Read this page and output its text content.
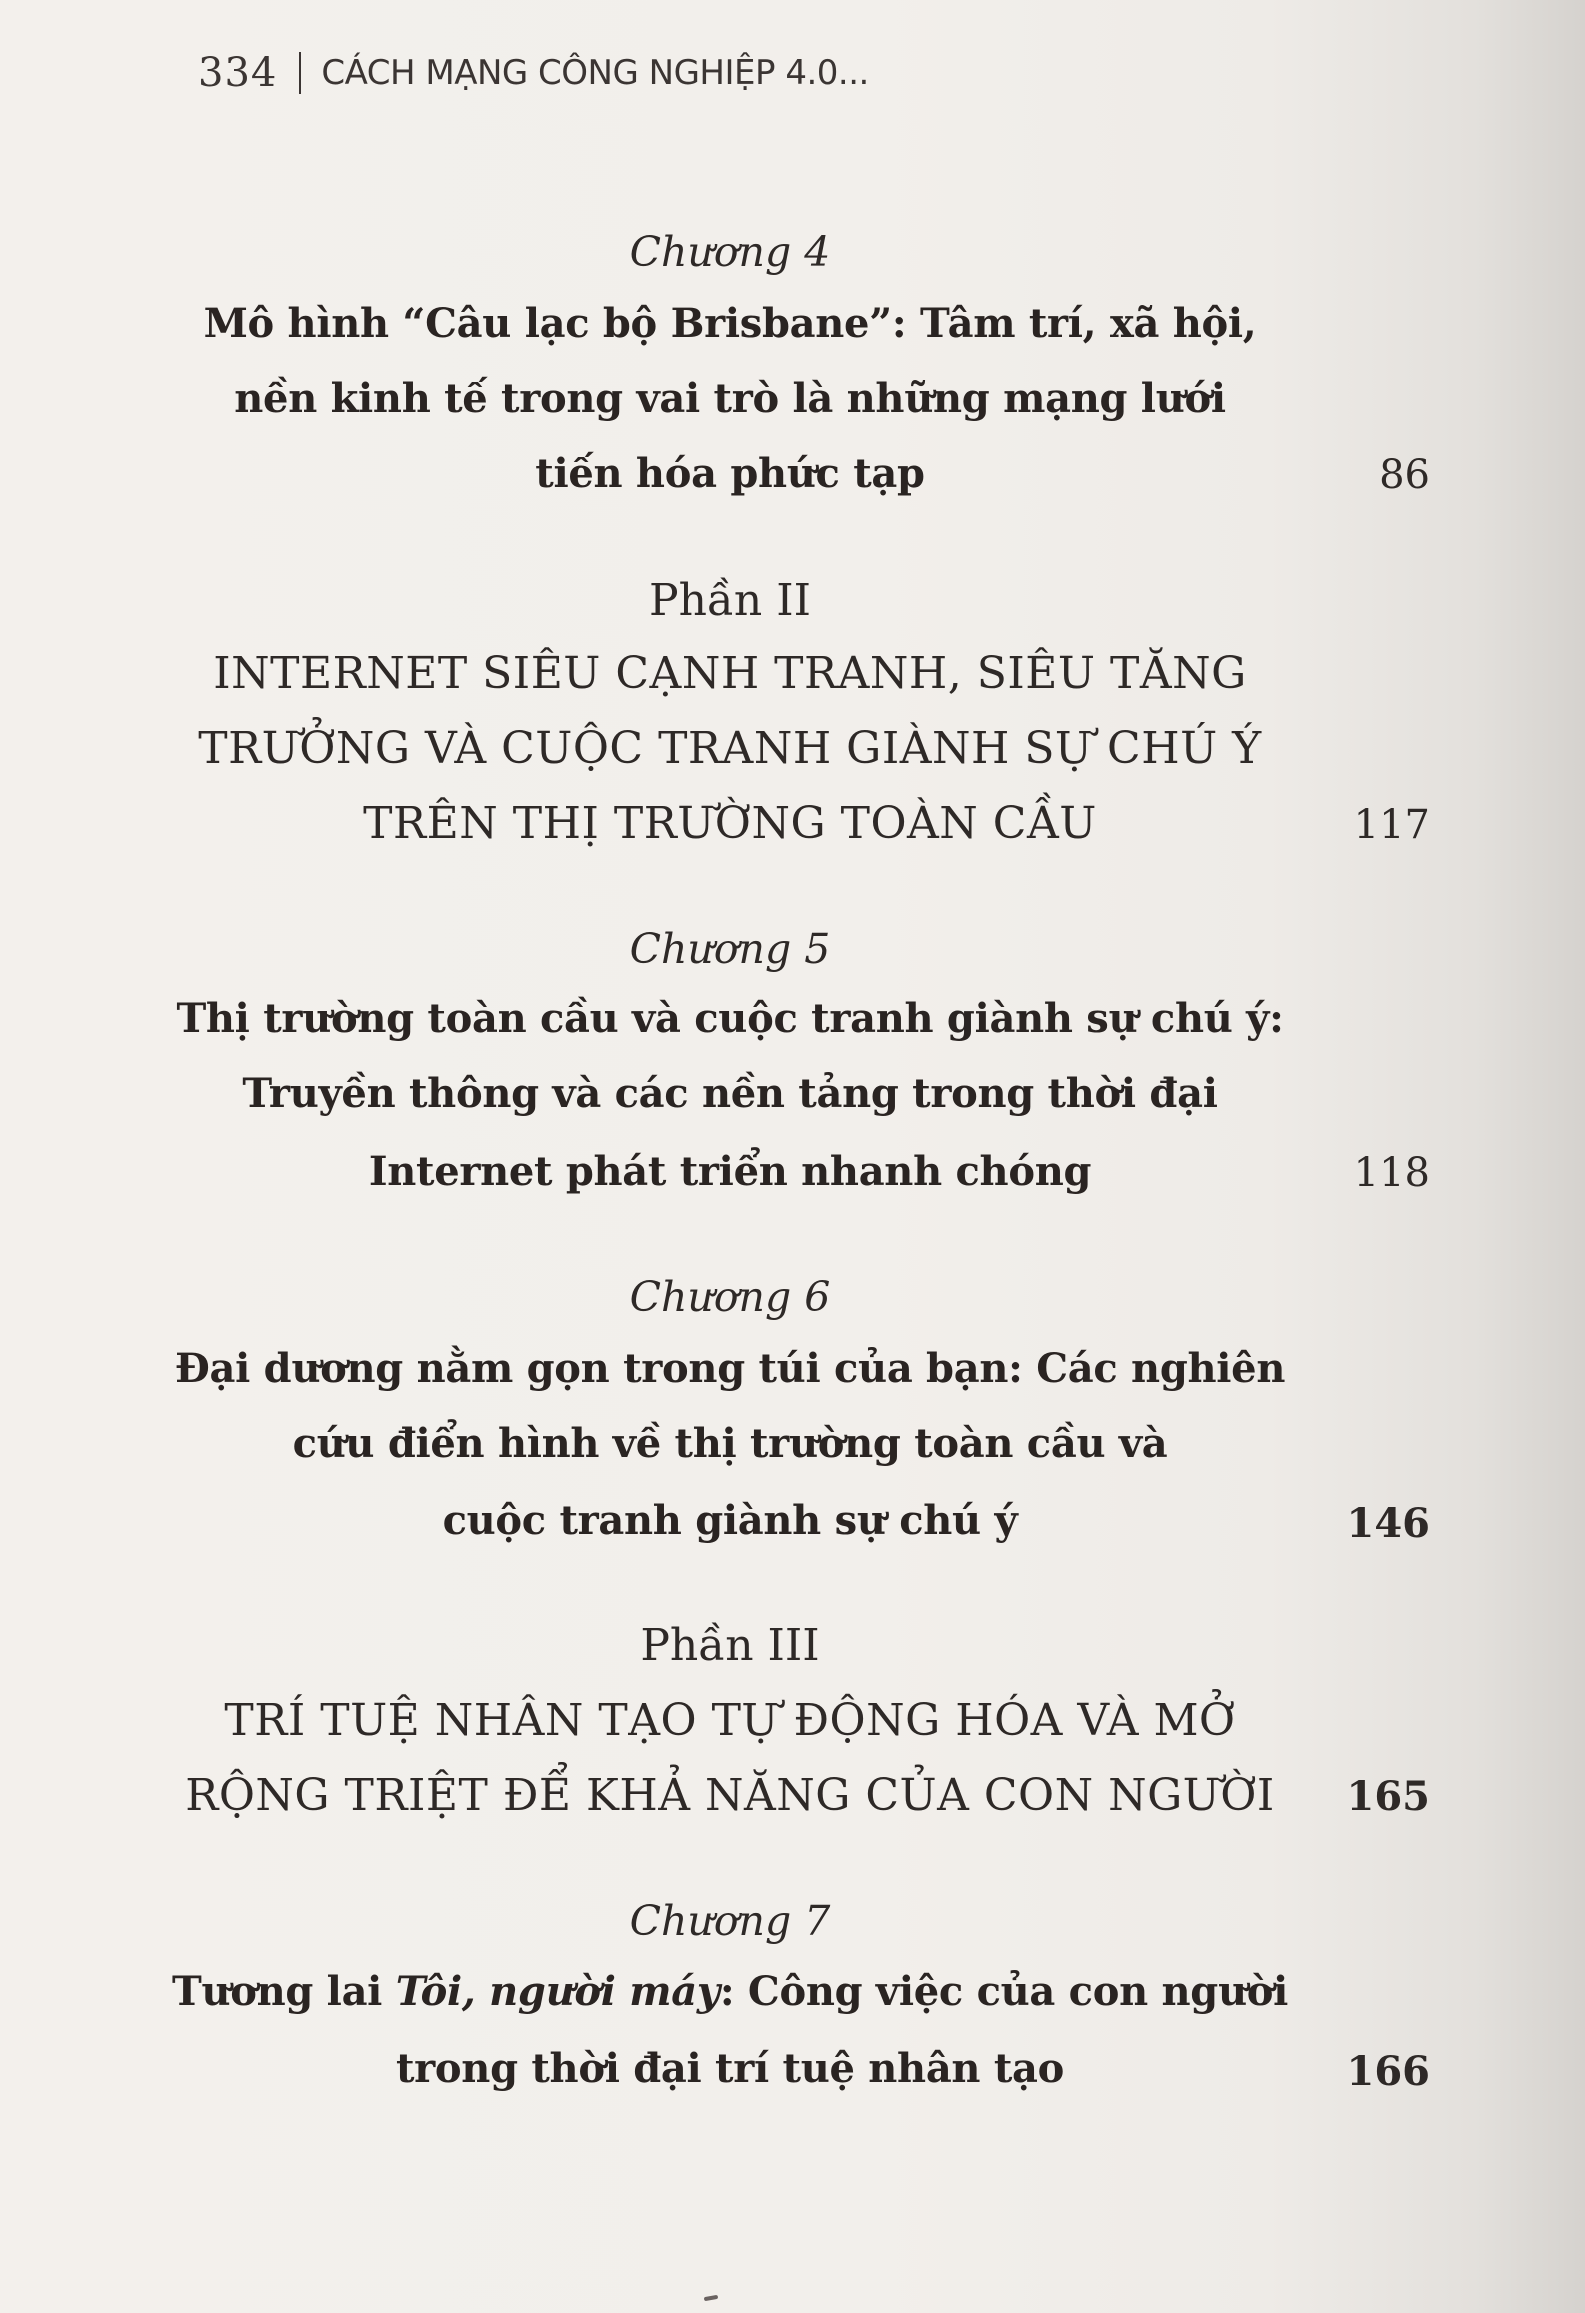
334 CÁCH MẠNG CÔNG NGHIỆP 4.0...
Chương 4
Mô hình “Câu lạc bộ Brisbane”: Tâm trí, xã hội,
nền kinh tế trong vai trò là những mạng lưới
tiến hóa phức tạp	86
Phần II
INTERNET SIÊU CẠNH TRANH, SIÊU TĂNG
TRƯỞNG VÀ CUỘC TRANH GIÀNH SỰ CHÚ Ý
TRÊN THỊ TRƯỜNG TOÀN CẦU	117
Chương 5
Thị trường toàn cầu và cuộc tranh giành sự chú ý:
Truyền thông và các nền tảng trong thời đại
Internet phát triển nhanh chóng	118
Chương 6
Đại dương nằm gọn trong túi của bạn: Các nghiên
cứu điển hình về thị trường toàn cầu và
cuộc tranh giành sự chú ý	146
Phần III
TRÍ TUỆ NHÂN TẠO TỰ ĐỘNG HÓA VÀ MỞ
RỘNG TRIỆT ĐỂ KHẢ NĂNG CỦA CON NGƯỜI	165
Chương 7
Tương lai Tôi, người máy: Công việc của con người
trong thời đại trí tuệ nhân tạo	166
